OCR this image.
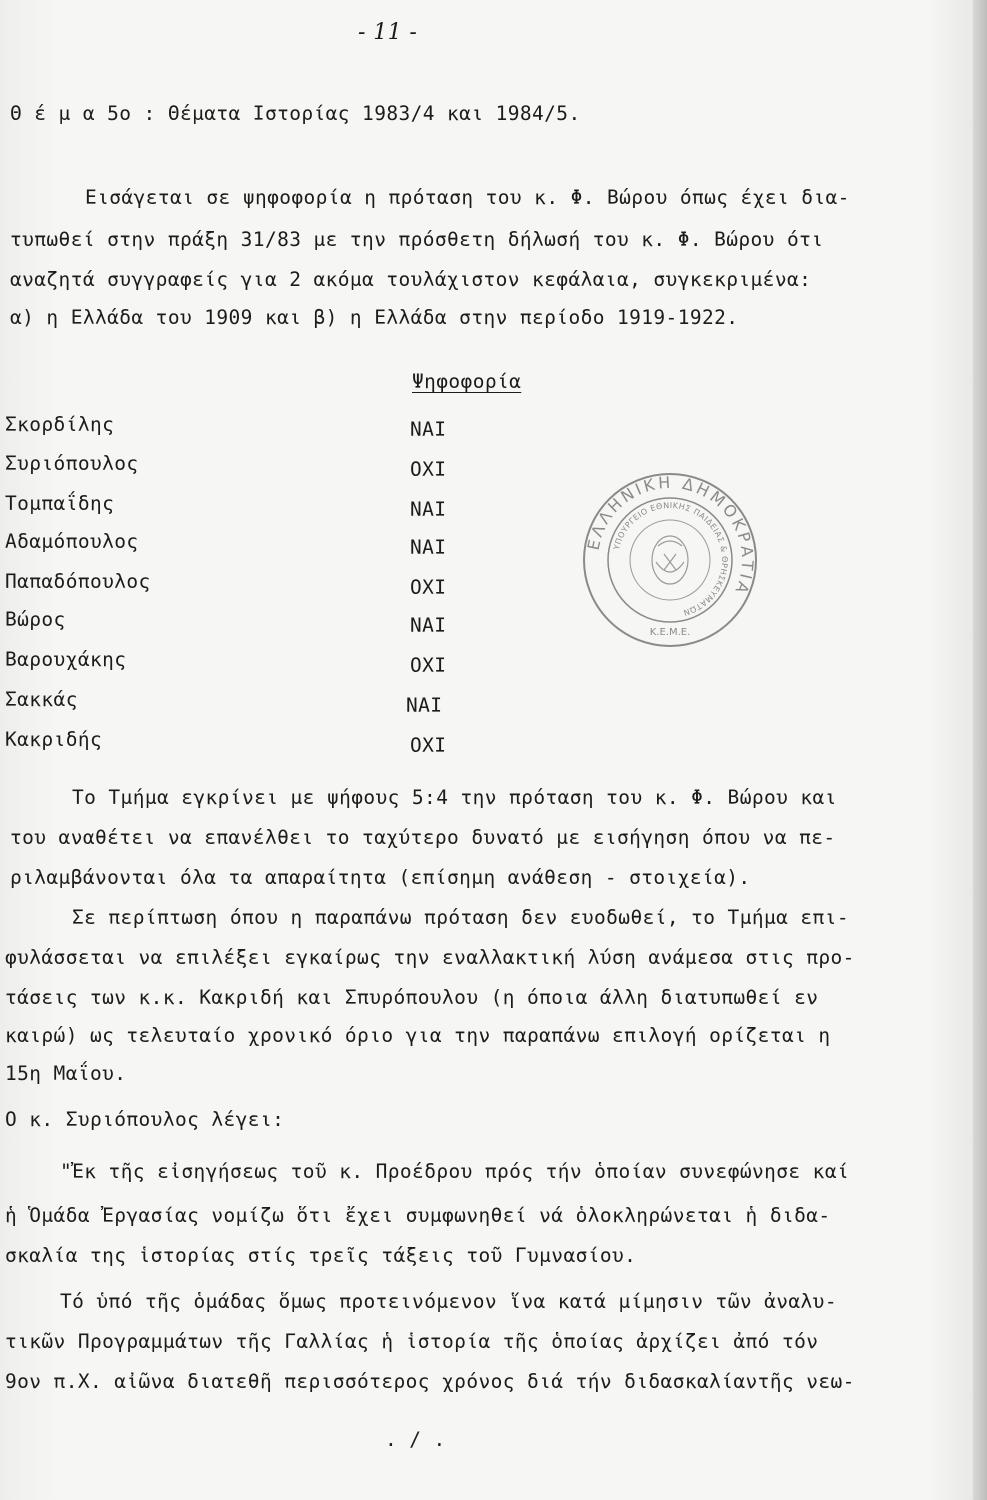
- 11 -
Θ έ μ α 5ο : Θέματα Ιστορίας 1983/4 και 1984/5.
Εισάγεται σε ψηφοφορία η πρόταση του κ. Φ. Βώρου όπως έχει δια-
τυπωθεί στην πράξη 31/83 με την πρόσθετη δήλωσή του κ. Φ. Βώρου ότι
αναζητά συγγραφείς για 2 ακόμα τουλάχιστον κεφάλαια, συγκεκριμένα:
α) η Ελλάδα του 1909 και β) η Ελλάδα στην περίοδο 1919-1922.
Ψηφοφορία
Σκορδίλης	ΝΑΙ
Συριόπουλος	ΟΧΙ
Τομπαΐδης	ΝΑΙ
Αδαμόπουλος	ΝΑΙ
Παπαδόπουλος	ΟΧΙ
Βώρος	ΝΑΙ
Βαρουχάκης	ΟΧΙ
Σακκάς	ΝΑΙ
Κακριδής	ΟΧΙ
ΕΛΛΗΝΙΚΗ ΔΗΜΟΚΡΑΤΙΑ
ΥΠΟΥΡΓΕΙΟ ΕΘΝΙΚΗΣ ΠΑΙΔΕΙΑΣ & ΘΡΗΣΚΕΥΜΑΤΩΝ
Κ.Ε.Μ.Ε.
Το Τμήμα εγκρίνει με ψήφους 5:4 την πρόταση του κ. Φ. Βώρου και
του αναθέτει να επανέλθει το ταχύτερο δυνατό με εισήγηση όπου να πε-
ριλαμβάνονται όλα τα απαραίτητα (επίσημη ανάθεση - στοιχεία).
Σε περίπτωση όπου η παραπάνω πρόταση δεν ευοδωθεί, το Τμήμα επι-
φυλάσσεται να επιλέξει εγκαίρως την εναλλακτική λύση ανάμεσα στις προ-
τάσεις των κ.κ. Κακριδή και Σπυρόπουλου (η όποια άλλη διατυπωθεί εν
καιρώ) ως τελευταίο χρονικό όριο για την παραπάνω επιλογή ορίζεται η
15η Μαΐου.
Ο κ. Συριόπουλος λέγει:
"Ἐκ τῆς εἰσηγήσεως τοῦ κ. Προέδρου πρός τήν ὁποίαν συνεφώνησε καί
ἡ Ὁμάδα Ἐργασίας νομίζω ὅτι ἔχει συμφωνηθεί νά ὁλοκληρώνεται ἡ διδα-
σκαλία της ἱστορίας στίς τρεῖς τάξεις τοῦ Γυμνασίου.
Τό ὑπό τῆς ὁμάδας ὅμως προτεινόμενον ἵνα κατά μίμησιν τῶν ἀναλυ-
τικῶν Προγραμμάτων τῆς Γαλλίας ἡ ἱστορία τῆς ὁποίας ἀρχίζει ἀπό τόν
9ον π.Χ. αἰῶνα διατεθῆ περισσότερος χρόνος διά τήν διδασκαλίαντῆς νεω-
. / .
